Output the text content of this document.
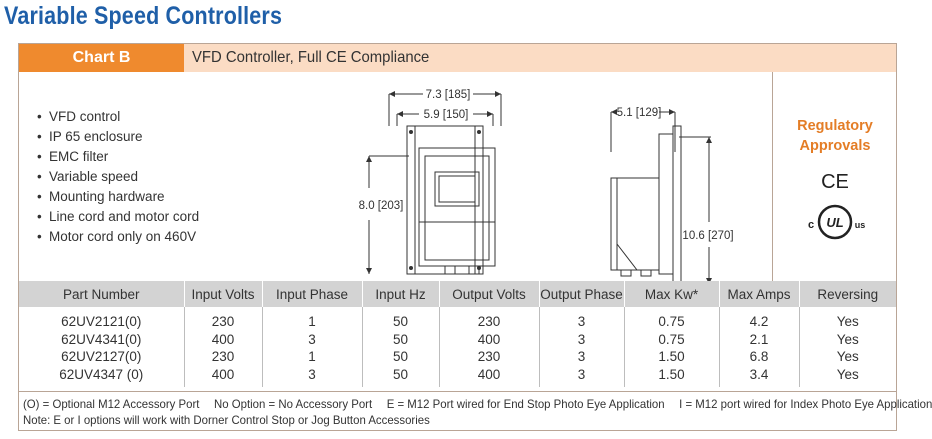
Variable Speed Controllers
Chart B	VFD Controller, Full CE Compliance
• VFD control
• IP 65 enclosure
• EMC filter
• Variable speed
• Mounting hardware
• Line cord and motor cord
• Motor cord only on 460V
7.3 [185]
5.9 [150]
8.0 [203]
5.1 [129]
10.6 [270]
Regulatory
Approvals
CE
UL
c	us
Part Number	Input Volts	Input Phase	Input Hz	Output Volts	Output Phase	Max Kw*	Max Amps	Reversing
62UV2121(0)	230	1	50	230	3	0.75	4.2	Yes
62UV4341(0)	400	3	50	400	3	0.75	2.1	Yes
62UV2127(0)	230	1	50	230	3	1.50	6.8	Yes
62UV4347 (0)	400	3	50	400	3	1.50	3.4	Yes
(O) = Optional M12 Accessory Port No Option = No Accessory Port E = M12 Port wired for End Stop Photo Eye Application I = M12 port wired for Index Photo Eye Application
Note: E or I options will work with Dorner Control Stop or Jog Button Accessories
